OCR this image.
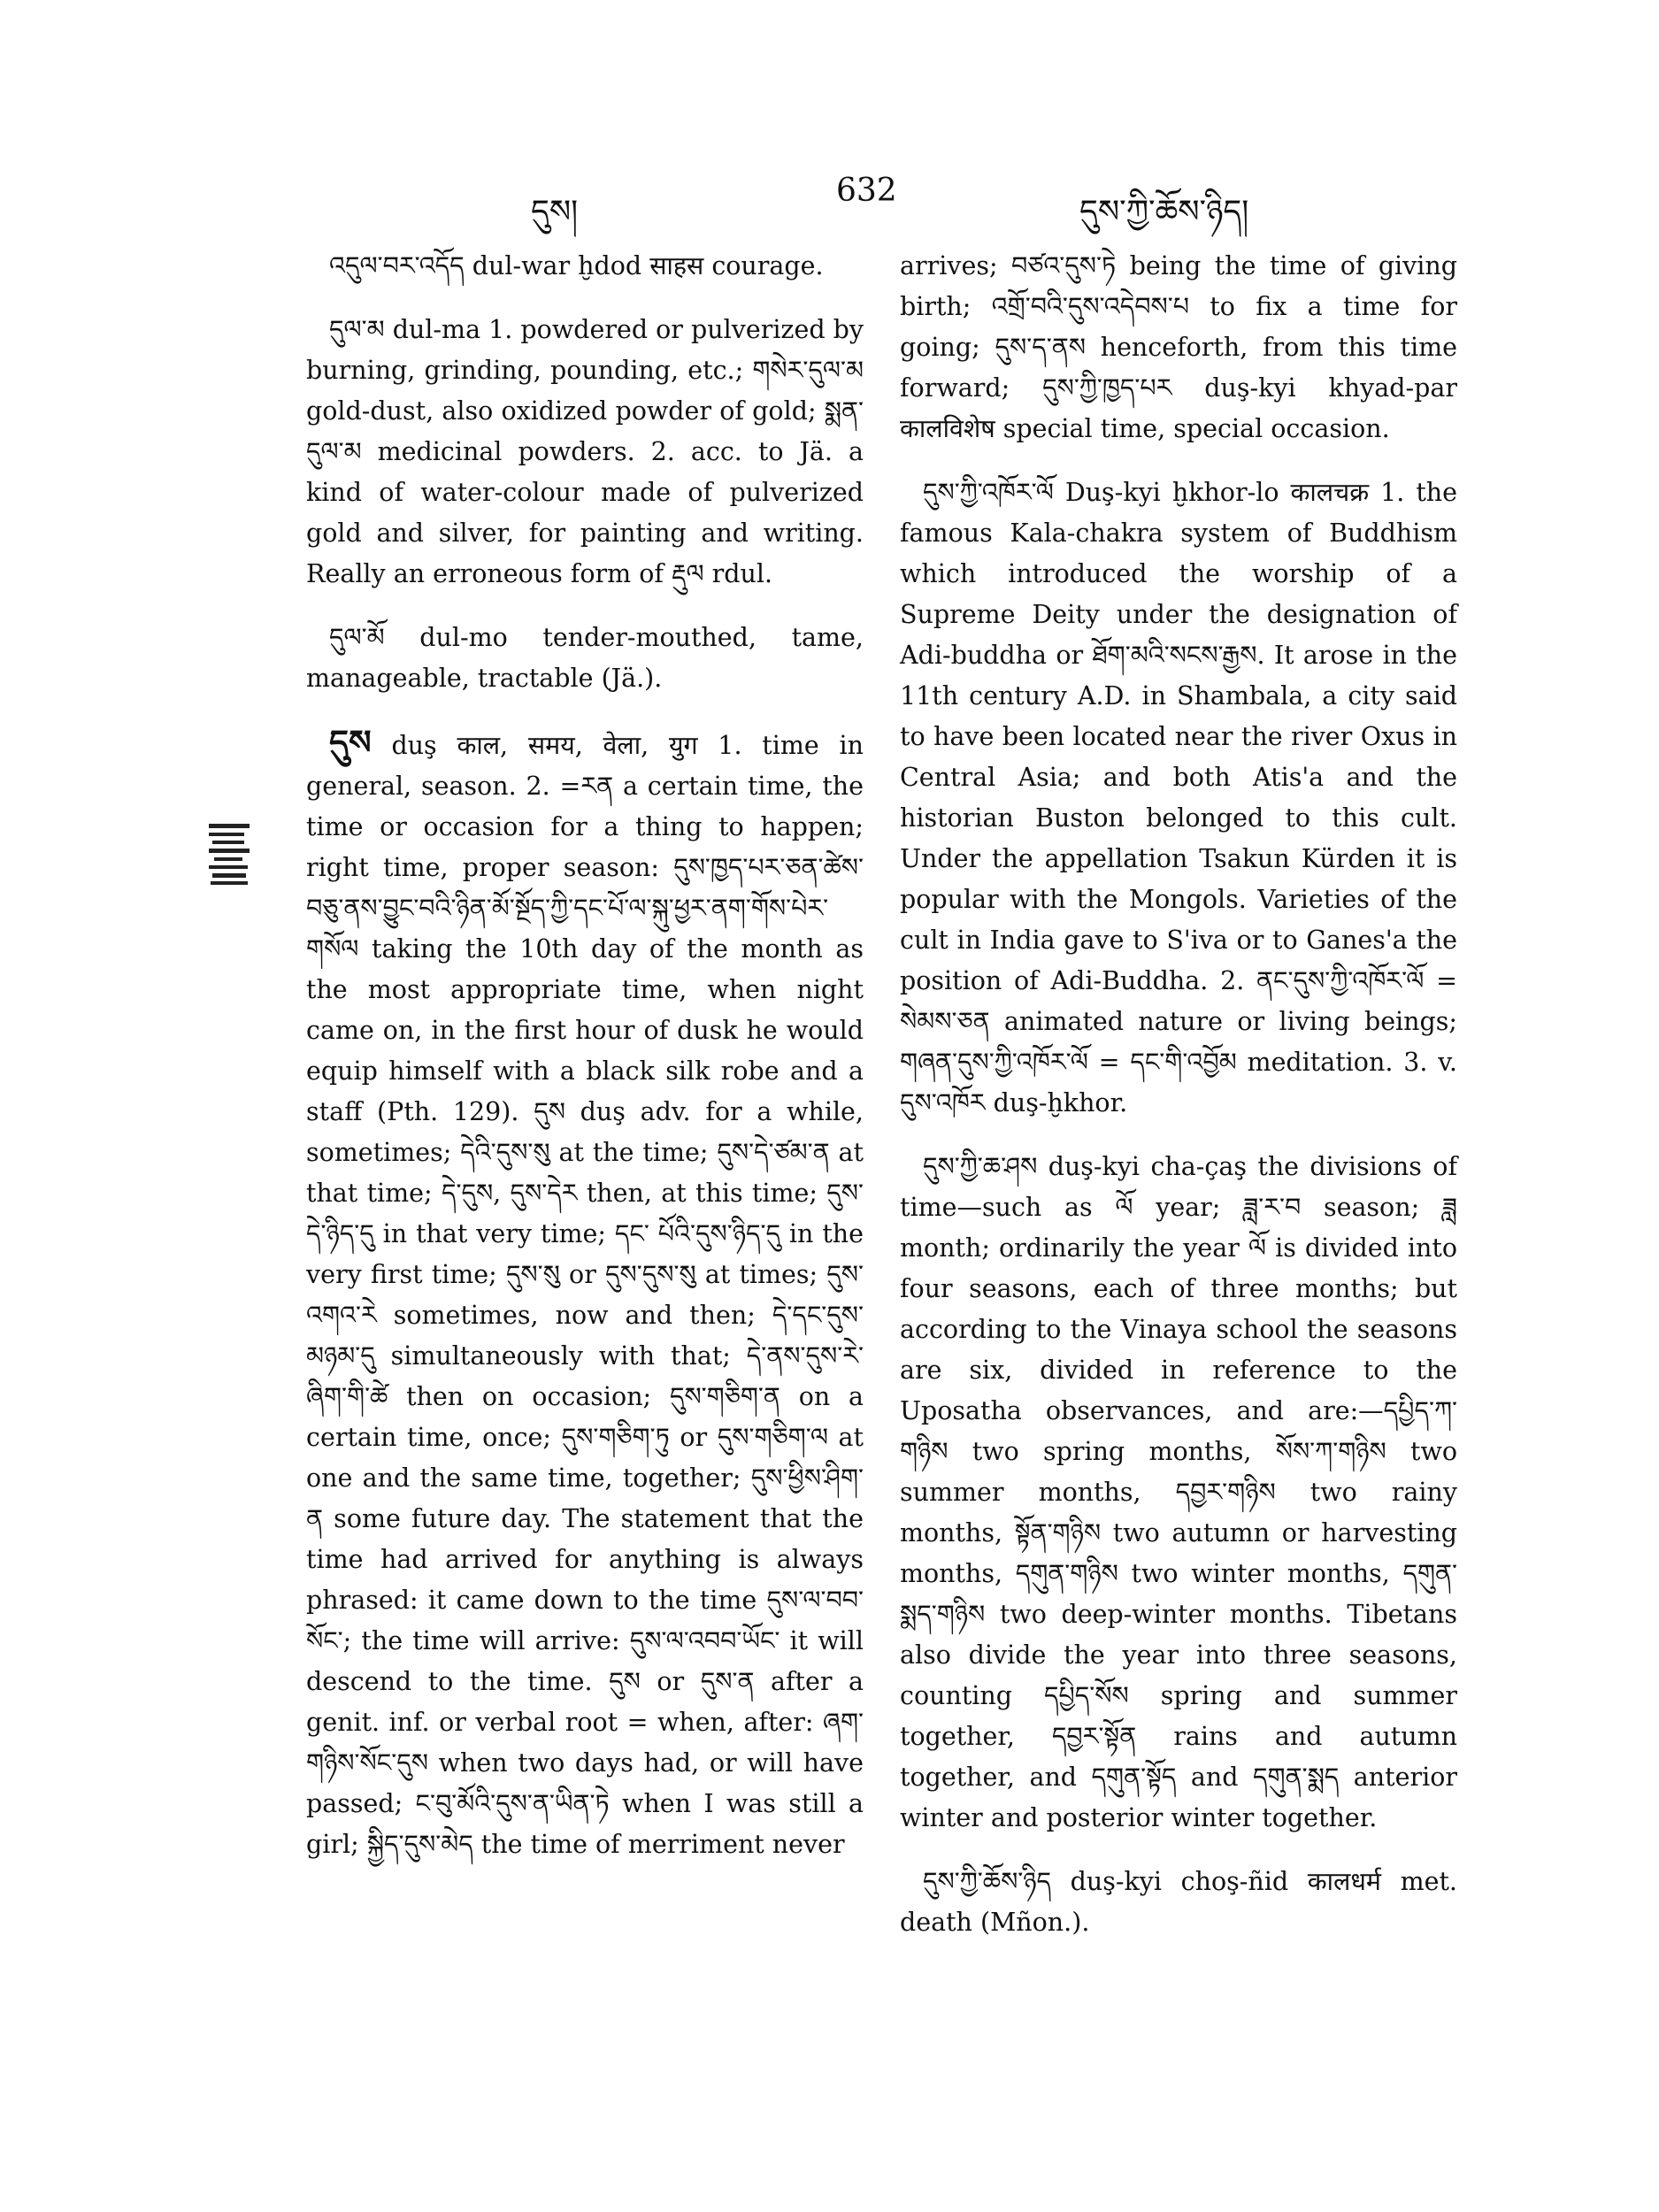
དུས།
632
དུས་ཀྱི་ཆོས་ཉིད།

འདུལ་བར་འདོད dul-war ḫdod साहस courage.

དུལ་མ dul-ma 1. powdered or pulverized by burning, grinding, pounding, etc.; གསེར་དུལ་མ gold-dust, also oxidized powder of gold; སྨན་དུལ་མ medicinal powders. 2. acc. to Jä. a kind of water-colour made of pulverized gold and silver, for painting and writing. Really an erroneous form of རྡུལ rdul.

དུལ་མོ dul-mo tender-mouthed, tame, manageable, tractable (Jä.).

དུས duş काल, समय, वेला, युग 1. time in general, season. 2. =རན a certain time, the time or occasion for a thing to happen; right time, proper season: དུས་ཁྱད་པར་ཅན་ཚེས་བཅུ་ནས་བྱུང་བའི་ཉིན་མོ་སྔོད་ཀྱི་དང་པོ་ལ་སྐུ་ཕྱར་ནག་གོས་པེར་གསོལ taking the 10th day of the month as the most appropriate time, when night came on, in the first hour of dusk he would equip himself with a black silk robe and a staff (Pth. 129). དུས duş adv. for a while, sometimes; དེའི་དུས་སུ at the time; དུས་དེ་ཙམ་ན at that time; དེ་དུས, དུས་དེར then, at this time; དུས་དེ་ཉིད་དུ in that very time; དང་ པོའི་དུས་ཉིད་དུ in the very first time; དུས་སུ or དུས་དུས་སུ at times; དུས་འགའ་རེ sometimes, now and then; དེ་དང་དུས་མཉམ་དུ simultaneously with that; དེ་ནས་དུས་རེ་ཞིག་གི་ཚེ then on occasion; དུས་གཅིག་ན on a certain time, once; དུས་གཅིག་ཏུ or དུས་གཅིག་ལ at one and the same time, together; དུས་ཕྱིས་ཤིག་ན some future day. The statement that the time had arrived for anything is always phrased: it came down to the time དུས་ལ་བབ་སོང་; the time will arrive: དུས་ལ་འབབ་ཡོང་ it will descend to the time. དུས or དུས་ན after a genit. inf. or verbal root = when, after: ཞག་གཉིས་སོང་དུས when two days had, or will have passed; ང་བུ་མོའི་དུས་ན་ཡིན་ཏེ when I was still a girl; སྐྱིད་དུས་མེད the time of merriment never

arrives; བཙའ་དུས་ཏེ being the time of giving birth; འགྲོ་བའི་དུས་འདེབས་པ to fix a time for going; དུས་ད་ནས henceforth, from this time forward; དུས་ཀྱི་ཁྱད་པར duş-kyi khyad-par कालविशेष special time, special occasion.

དུས་ཀྱི་འཁོར་ལོ Duş-kyi ḫkhor-lo कालचक्र 1. the famous Kala-chakra system of Buddhism which introduced the worship of a Supreme Deity under the designation of Adi-buddha or ཐོག་མའི་སངས་རྒྱས. It arose in the 11th century A.D. in Shambala, a city said to have been located near the river Oxus in Central Asia; and both Atis'a and the historian Buston belonged to this cult. Under the appellation Tsakun Kürden it is popular with the Mongols. Varieties of the cult in India gave to S'iva or to Ganes'a the position of Adi-Buddha. 2. ནང་དུས་ཀྱི་འཁོར་ལོ = སེམས་ཅན animated nature or living beings; གཞན་དུས་ཀྱི་འཁོར་ལོ = དང་གི་འབྱོམ meditation. 3. v. དུས་འཁོར duş-ḫkhor.

དུས་ཀྱི་ཆ་ཤས duş-kyi cha-çaş the divisions of time—such as ལོ year; ཟླ་ར་བ season; ཟླ month; ordinarily the year ལོ is divided into four seasons, each of three months; but according to the Vinaya school the seasons are six, divided in reference to the Uposatha observances, and are:—དཔྱིད་ཀ་གཉིས two spring months, སོས་ཀ་གཉིས two summer months, དབྱར་གཉིས two rainy months, སྟོན་གཉིས two autumn or harvesting months, དགུན་གཉིས two winter months, དགུན་སྨད་གཉིས two deep-winter months. Tibetans also divide the year into three seasons, counting དཔྱིད་སོས spring and summer together, དབྱར་སྟོན rains and autumn together, and དགུན་སྟོད and དགུན་སྨད anterior winter and posterior winter together.

དུས་ཀྱི་ཆོས་ཉིད duş-kyi choş-ñid कालधर्म met. death (Mñon.).
